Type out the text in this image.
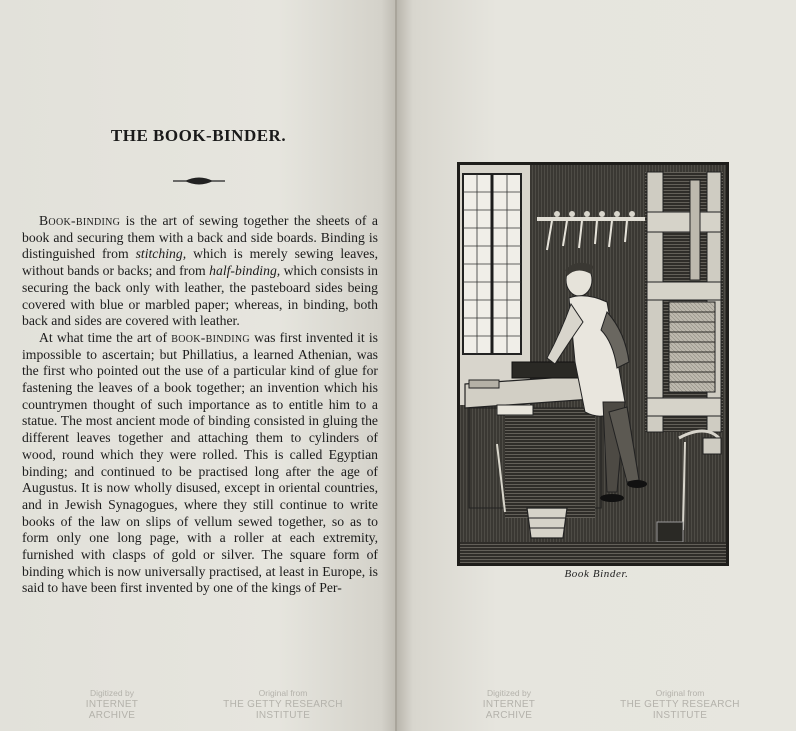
THE BOOK-BINDER.

Book-binding is the art of sewing together the sheets of a book and securing them with a back and side boards. Binding is distinguished from stitching, which is merely sewing leaves, without bands or backs; and from half-binding, which consists in securing the back only with leather, the pasteboard sides being covered with blue or marbled paper; whereas, in binding, both back and sides are covered with leather.

At what time the art of book-binding was first invented it is impossible to ascertain; but Phillatius, a learned Athenian, was the first who pointed out the use of a particular kind of glue for fastening the leaves of a book together; an invention which his countrymen thought of such importance as to entitle him to a statue. The most ancient mode of binding consisted in gluing the different leaves together and attaching them to cylinders of wood, round which they were rolled. This is called Egyptian binding; and continued to be practised long after the age of Augustus. It is now wholly disused, except in oriental countries, and in Jewish Synagogues, where they still continue to write books of the law on slips of vellum sewed together, so as to form only one long page, with a roller at each extremity, furnished with clasps of gold or silver. The square form of binding which is now universally practised, at least in Europe, is said to have been first invented by one of the kings of Per-

Digitized by
INTERNET ARCHIVE
Original from
THE GETTY RESEARCH
INSTITUTE
Book Binder.
Digitized by
INTERNET ARCHIVE
Original from
THE GETTY RESEARCH
INSTITUTE
